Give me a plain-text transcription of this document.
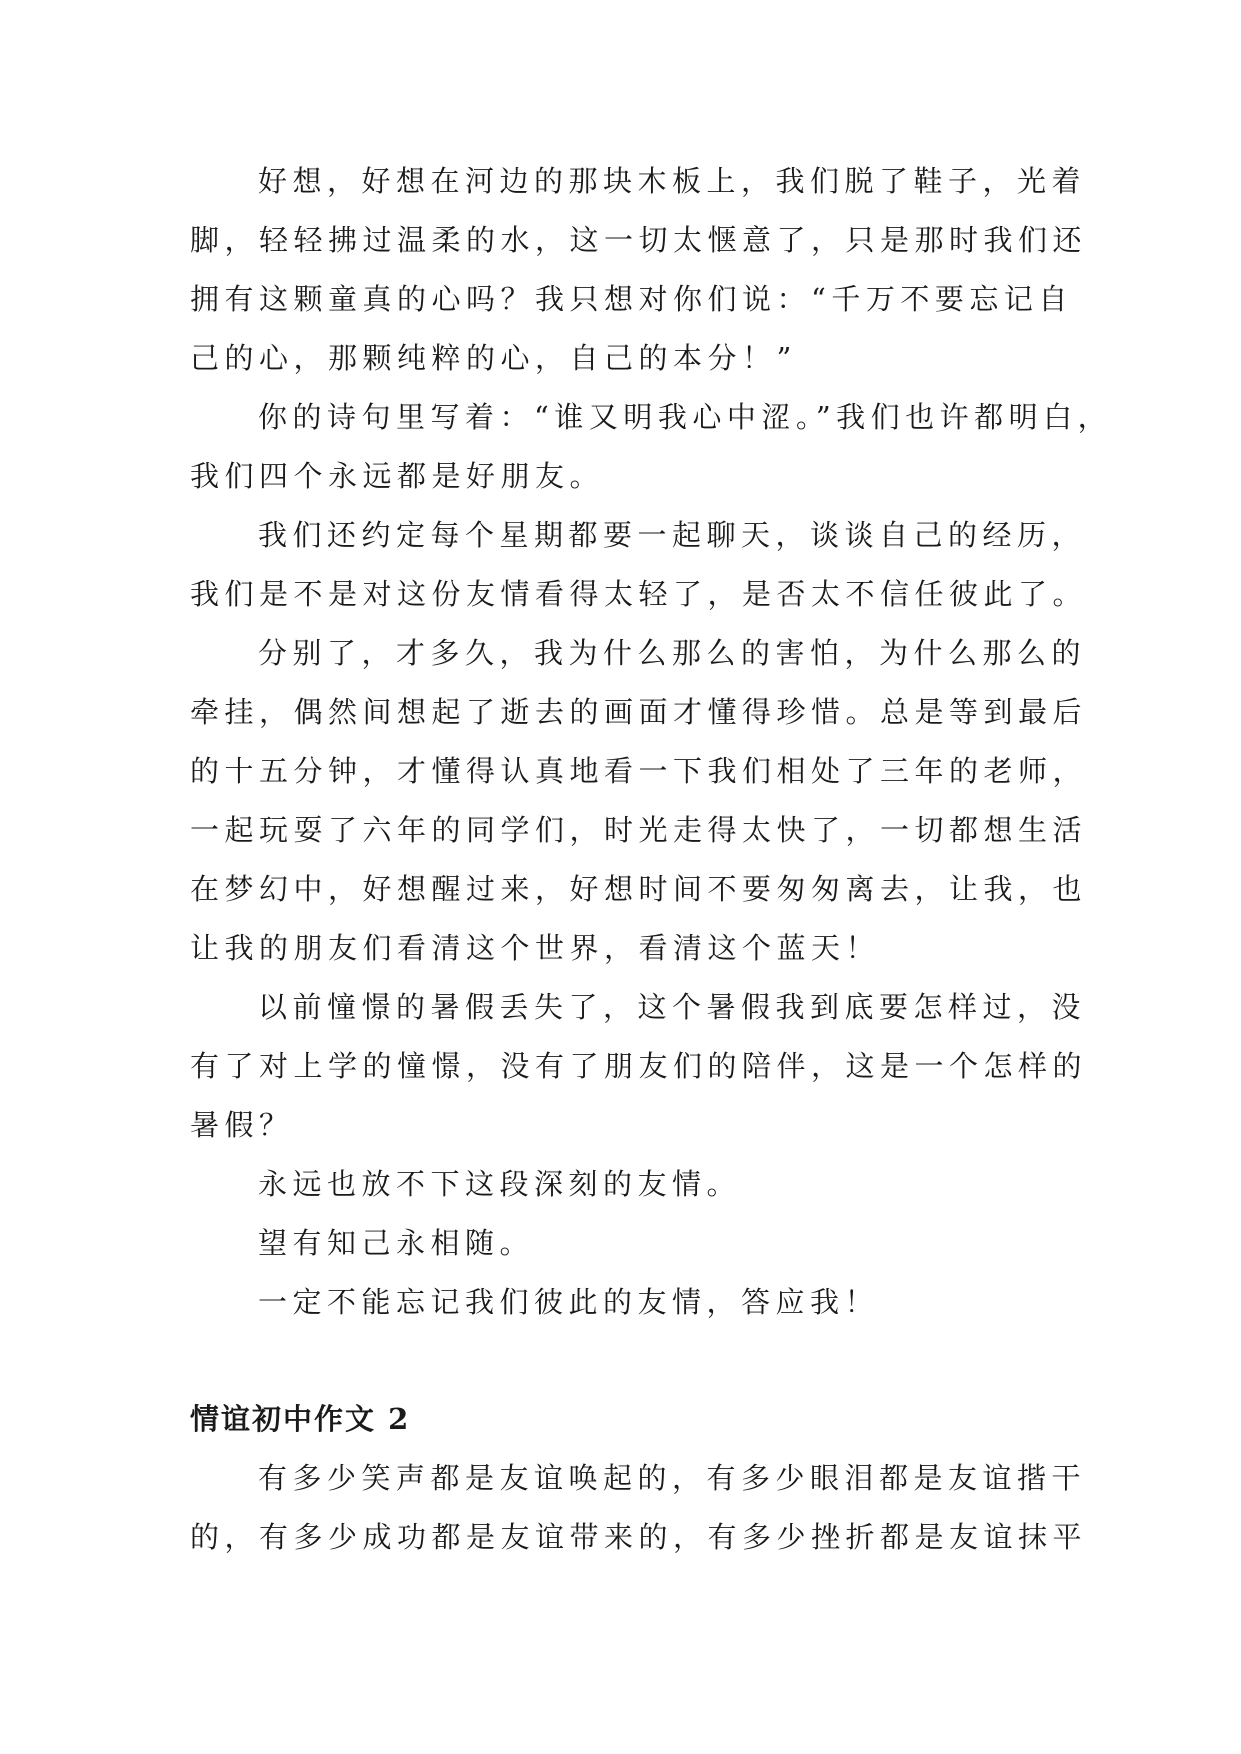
好想，好想在河边的那块木板上，我们脱了鞋子，光着
脚，轻轻拂过温柔的水，这一切太惬意了，只是那时我们还
拥有这颗童真的心吗？我只想对你们说：“千万不要忘记自
己的心，那颗纯粹的心，自己的本分！”

你的诗句里写着：“谁又明我心中涩。”我们也许都明白，
我们四个永远都是好朋友。

我们还约定每个星期都要一起聊天，谈谈自己的经历，
我们是不是对这份友情看得太轻了，是否太不信任彼此了。

分别了，才多久，我为什么那么的害怕，为什么那么的
牵挂，偶然间想起了逝去的画面才懂得珍惜。总是等到最后
的十五分钟，才懂得认真地看一下我们相处了三年的老师，
一起玩耍了六年的同学们，时光走得太快了，一切都想生活
在梦幻中，好想醒过来，好想时间不要匆匆离去，让我，也
让我的朋友们看清这个世界，看清这个蓝天！

以前憧憬的暑假丢失了，这个暑假我到底要怎样过，没
有了对上学的憧憬，没有了朋友们的陪伴，这是一个怎样的
暑假？

永远也放不下这段深刻的友情。

望有知己永相随。

一定不能忘记我们彼此的友情，答应我！

情谊初中作文 2

有多少笑声都是友谊唤起的，有多少眼泪都是友谊揩干
的，有多少成功都是友谊带来的，有多少挫折都是友谊抹平
